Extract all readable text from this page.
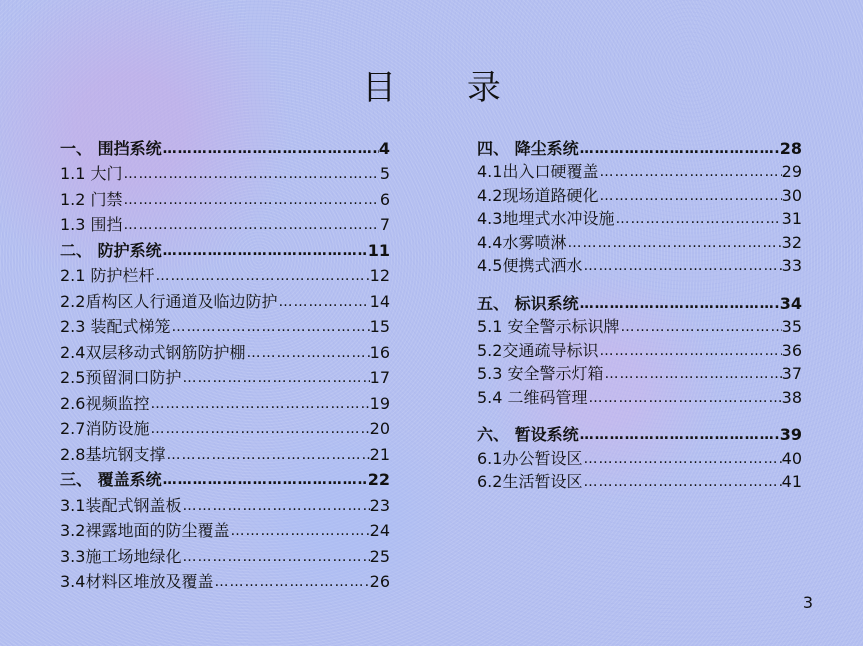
目 录
一、 围挡系统 ……………………………………………………………………	4
1.1 大门 ……………………………………………………………………	5
1.2 门禁 ……………………………………………………………………	6
1.3 围挡 ……………………………………………………………………	7
二、 防护系统 ……………………………………………………………………	11
2.1 防护栏杆 ……………………………………………………………………	12
2.2盾构区人行通道及临边防护 ……………………………………………………………………	14
2.3 装配式梯笼 ……………………………………………………………………	15
2.4双层移动式钢筋防护棚 ……………………………………………………………………	16
2.5预留洞口防护 ……………………………………………………………………	17
2.6视频监控 ……………………………………………………………………	19
2.7消防设施 ……………………………………………………………………	20
2.8基坑钢支撑 ……………………………………………………………………	21
三、 覆盖系统 ……………………………………………………………………	22
3.1装配式钢盖板 ……………………………………………………………………	23
3.2裸露地面的防尘覆盖 ……………………………………………………………………	24
3.3施工场地绿化 ……………………………………………………………………	25
3.4材料区堆放及覆盖 ……………………………………………………………………	26
四、 降尘系统 ……………………………………………………………………	28
4.1出入口硬覆盖 ……………………………………………………………………	29
4.2现场道路硬化 ……………………………………………………………………	30
4.3地埋式水冲设施 ……………………………………………………………………	31
4.4水雾喷淋 ……………………………………………………………………	32
4.5便携式洒水 ……………………………………………………………………	33
五、 标识系统 ……………………………………………………………………	34
5.1 安全警示标识牌 ……………………………………………………………………	35
5.2交通疏导标识 ……………………………………………………………………	36
5.3 安全警示灯箱 ……………………………………………………………………	37
5.4 二维码管理 ……………………………………………………………………	38
六、 暂设系统 ……………………………………………………………………	39
6.1办公暂设区 ……………………………………………………………………	40
6.2生活暂设区 ……………………………………………………………………	41
3
